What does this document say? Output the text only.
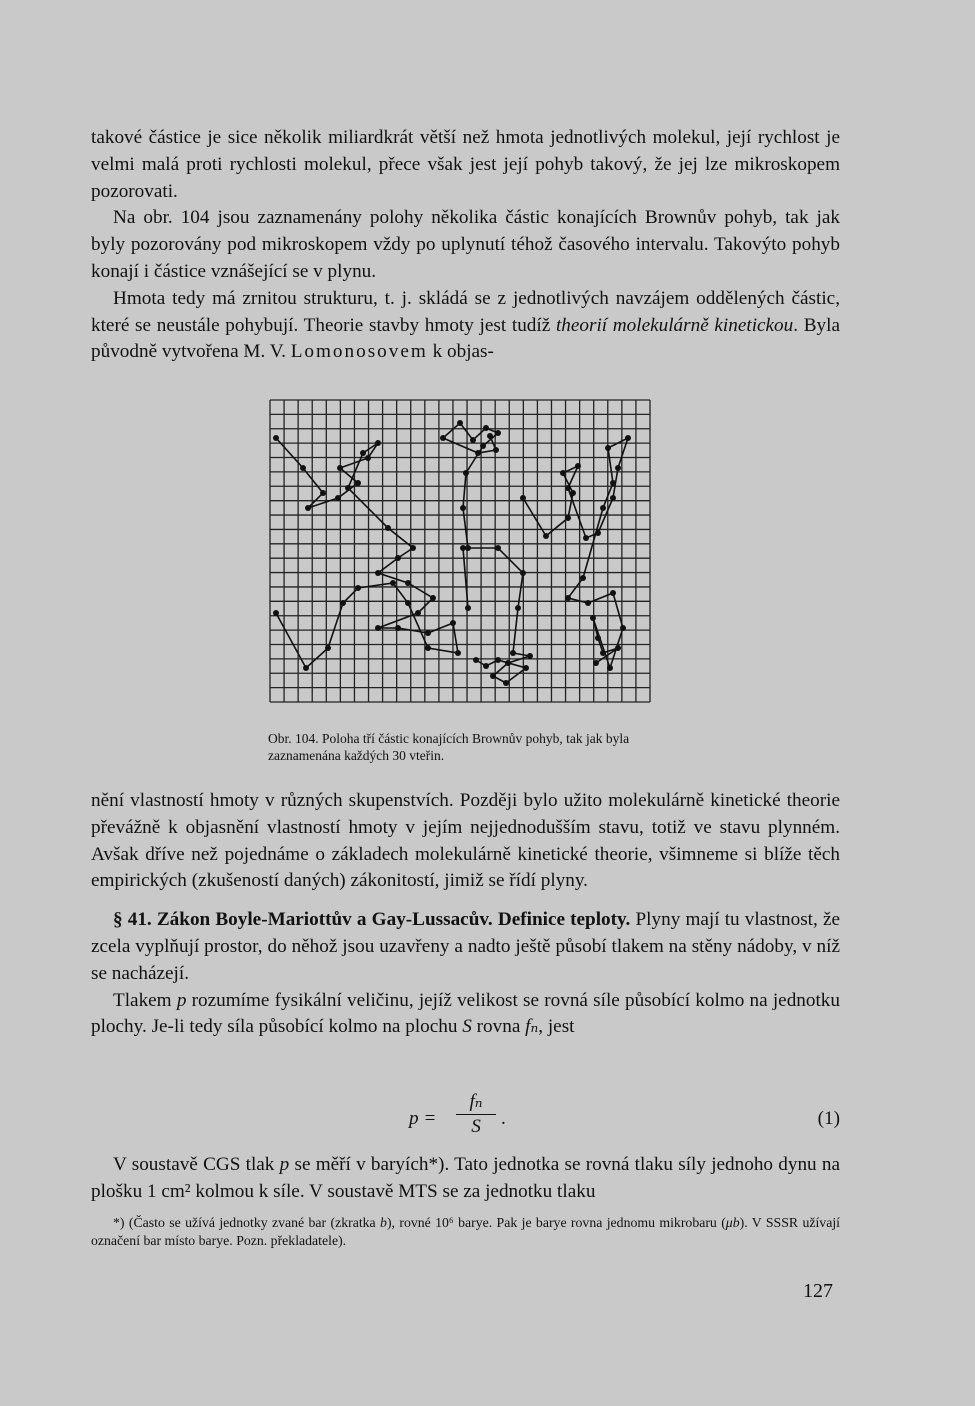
takové částice je sice několik miliardkrát větší než hmota jednotlivých molekul, její rychlost je velmi malá proti rychlosti molekul, přece však jest její pohyb takový, že jej lze mikroskopem pozorovati.

Na obr. 104 jsou zaznamenány polohy několika částic konajících Brownův pohyb, tak jak byly pozorovány pod mikroskopem vždy po uplynutí téhož časového intervalu. Takovýto pohyb konají i částice vznášející se v plynu.

Hmota tedy má zrnitou strukturu, t. j. skládá se z jednotlivých navzájem oddělených částic, které se neustále pohybují. Theorie stavby hmoty jest tudíž theorií molekulárně kinetickou. Byla původně vytvořena M. V. Lomonosovem k objas-

Obr. 104. Poloha tří částic konajících Brownův pohyb, tak jak byla zaznamenána každých 30 vteřin.

nění vlastností hmoty v různých skupenstvích. Později bylo užito molekulárně kinetické theorie převážně k objasnění vlastností hmoty v jejím nejjednodušším stavu, totiž ve stavu plynném. Avšak dříve než pojednáme o základech molekulárně kinetické theorie, všimneme si blíže těch empirických (zkušeností daných) zákonitostí, jimiž se řídí plyny.

§ 41. Zákon Boyle-Mariottův a Gay-Lussacův. Definice teploty. Plyny mají tu vlastnost, že zcela vyplňují prostor, do něhož jsou uzavřeny a nadto ještě působí tlakem na stěny nádoby, v níž se nacházejí.

Tlakem p rozumíme fysikální veličinu, jejíž velikost se rovná síle působící kolmo na jednotku plochy. Je-li tedy síla působící kolmo na plochu S rovna fₙ, jest

$p = \frac{\text{fₙ}}{S}$ .	(1)

V soustavě CGS tlak p se měří v baryích*). Tato jednotka se rovná tlaku síly jednoho dynu na plošku 1 cm² kolmou k síle. V soustavě MTS se za jednotku tlaku

*) (Často se užívá jednotky zvané bar (zkratka b), rovné 10⁶ barye. Pak je barye rovna jednomu mikrobaru (μb). V SSSR užívají označení bar místo barye. Pozn. překladatele).

127
